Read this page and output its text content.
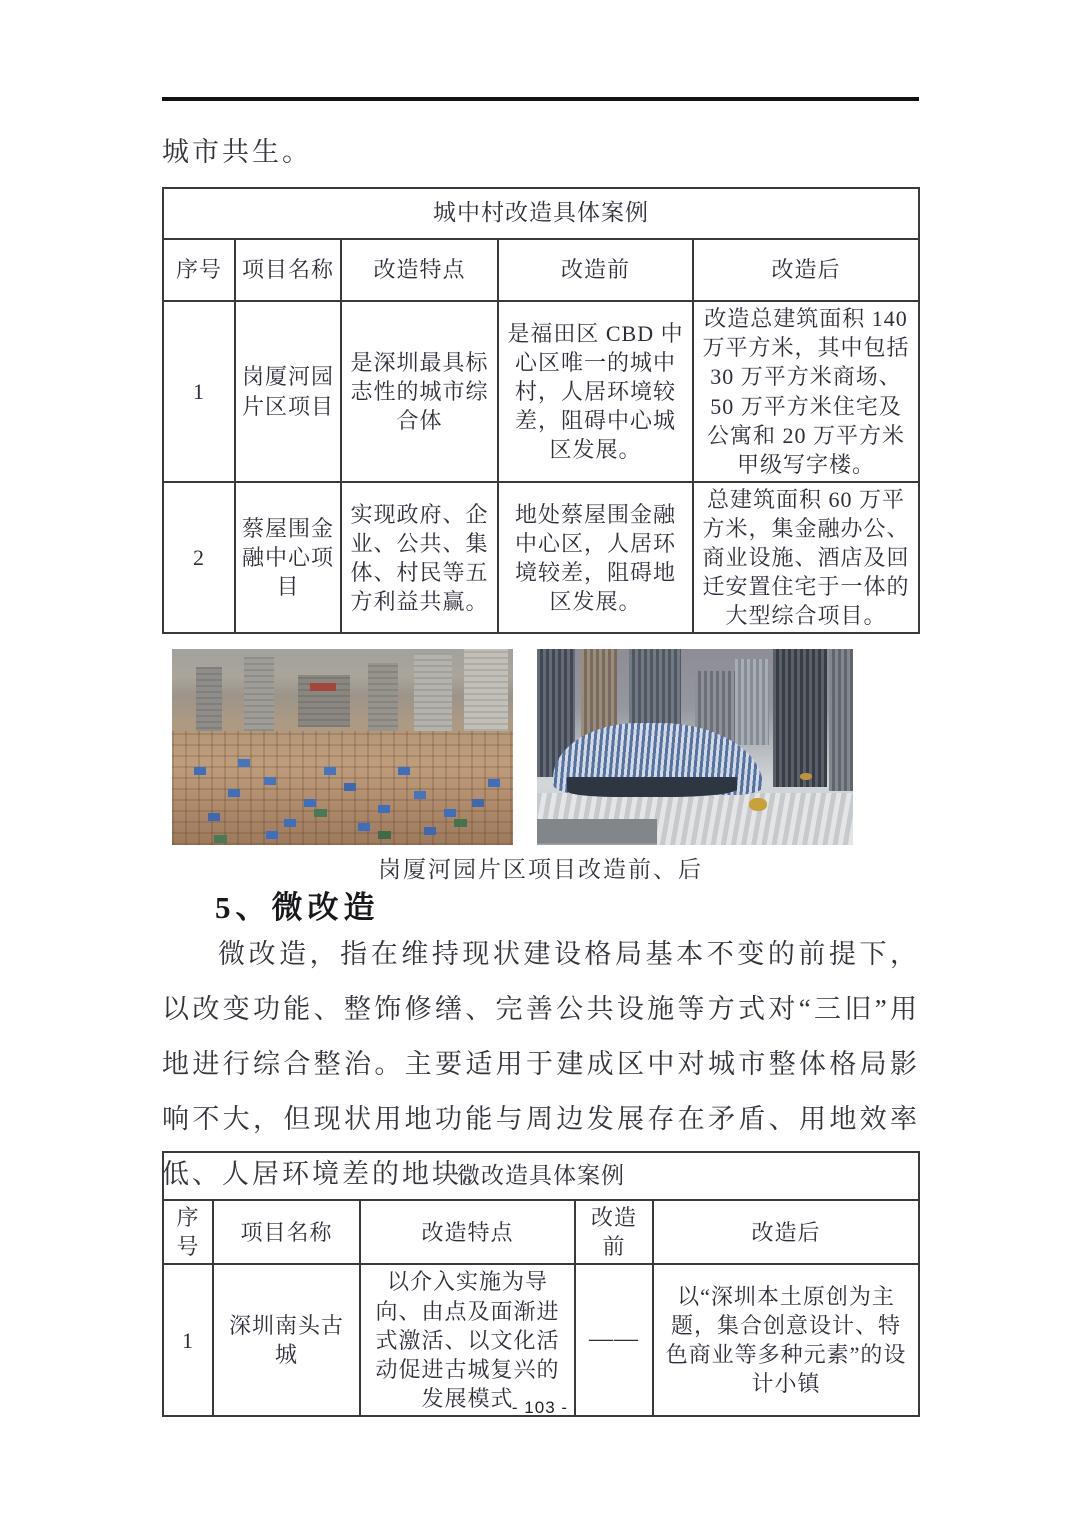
城市共生。
城中村改造具体案例				
序号	项目名称	改造特点	改造前	改造后
1	岗厦河园片区项目	是深圳最具标志性的城市综合体	是福田区 CBD 中心区唯一的城中村，人居环境较差，阻碍中心城区发展。	改造总建筑面积 140 万平方米，其中包括 30 万平方米商场、50 万平方米住宅及公寓和 20 万平方米甲级写字楼。
2	蔡屋围金融中心项目	实现政府、企业、公共、集体、村民等五方利益共赢。	地处蔡屋围金融中心区，人居环境较差，阻碍地区发展。	总建筑面积 60 万平方米，集金融办公、商业设施、酒店及回迁安置住宅于一体的大型综合项目。
岗厦河园片区项目改造前、后
5、微改造

微改造，指在维持现状建设格局基本不变的前提下，以改变功能、整饰修缮、完善公共设施等方式对“三旧”用地进行综合整治。主要适用于建成区中对城市整体格局影响不大，但现状用地功能与周边发展存在矛盾、用地效率低、人居环境差的地块。

微改造具体案例				
序号	项目名称	改造特点	改造前	改造后
1	深圳南头古城	以介入实施为导向、由点及面渐进式激活、以文化活动促进古城复兴的发展模式	——	以“深圳本土原创为主题，集合创意设计、特色商业等多种元素”的设计小镇
- 103 -
